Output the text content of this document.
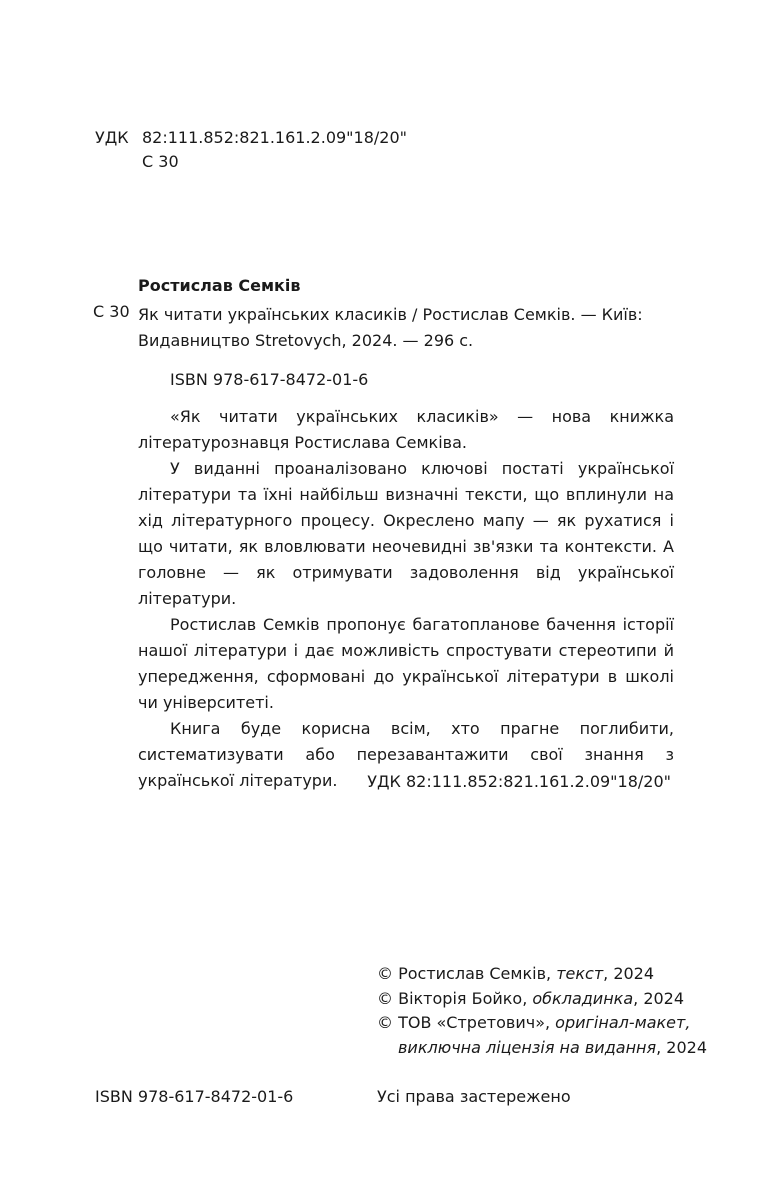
УДК 82:111.852:821.161.2.09"18/20"
С 30
Ростислав Семків
С 30 Як читати українських класиків / Ростислав Семків. — Київ:
Видавництво Stretovych, 2024. — 296 с.
ISBN 978-617-8472-01-6

«Як читати українських класиків» — нова книжка літературознавця Ростислава Семківа.

У виданні проаналізовано ключові постаті української літератури та їхні найбільш визначні тексти, що вплинули на хід літературного процесу. Окреслено мапу — як рухатися і що читати, як вловлювати неочевидні зв'язки та контексти. А головне — як отримувати задоволення від української літератури.

Ростислав Семків пропонує багатопланове бачення історії нашої літератури і дає можливість спростувати стереотипи й упередження, сформовані до української літератури в школі чи університеті.

Книга буде корисна всім, хто прагне поглибити, систематизувати або перезавантажити свої знання з української літератури.	УДК 82:111.852:821.161.2.09"18/20"
© Ростислав Семків, текст, 2024
© Вікторія Бойко, обкладинка, 2024
© ТОВ «Стретович», оригінал-макет,
виключна ліцензія на видання, 2024
ISBN 978-617-8472-01-6	Усі права застережено
